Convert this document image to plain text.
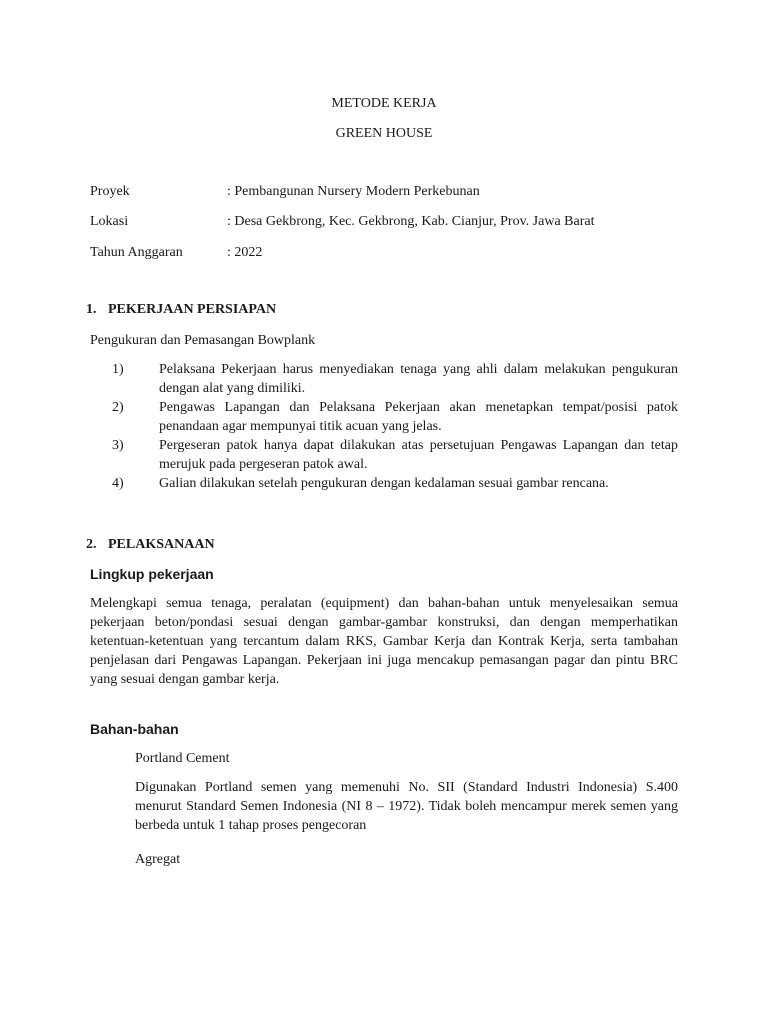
METODE KERJA
GREEN HOUSE
Proyek	: Pembangunan Nursery Modern Perkebunan
Lokasi	: Desa Gekbrong, Kec. Gekbrong, Kab. Cianjur, Prov. Jawa Barat
Tahun Anggaran	: 2022
1. PEKERJAAN PERSIAPAN
Pengukuran dan Pemasangan Bowplank
1)	Pelaksana Pekerjaan harus menyediakan tenaga yang ahli dalam melakukan pengukuran dengan alat yang dimiliki.
2)	Pengawas Lapangan dan Pelaksana Pekerjaan akan menetapkan tempat/posisi patok penandaan agar mempunyai titik acuan yang jelas.
3)	Pergeseran patok hanya dapat dilakukan atas persetujuan Pengawas Lapangan dan tetap merujuk pada pergeseran patok awal.
4)	Galian dilakukan setelah pengukuran dengan kedalaman sesuai gambar rencana.
2. PELAKSANAAN
Lingkup pekerjaan
Melengkapi semua tenaga, peralatan (equipment) dan bahan-bahan untuk menyelesaikan semua pekerjaan beton/pondasi sesuai dengan gambar-gambar konstruksi, dan dengan memperhatikan ketentuan-ketentuan yang tercantum dalam RKS, Gambar Kerja dan Kontrak Kerja, serta tambahan penjelasan dari Pengawas Lapangan. Pekerjaan ini juga mencakup pemasangan pagar dan pintu BRC yang sesuai dengan gambar kerja.
Bahan-bahan
Portland Cement
Digunakan Portland semen yang memenuhi No. SII (Standard Industri Indonesia) S.400 menurut Standard Semen Indonesia (NI 8 – 1972). Tidak boleh mencampur merek semen yang berbeda untuk 1 tahap proses pengecoran
Agregat
